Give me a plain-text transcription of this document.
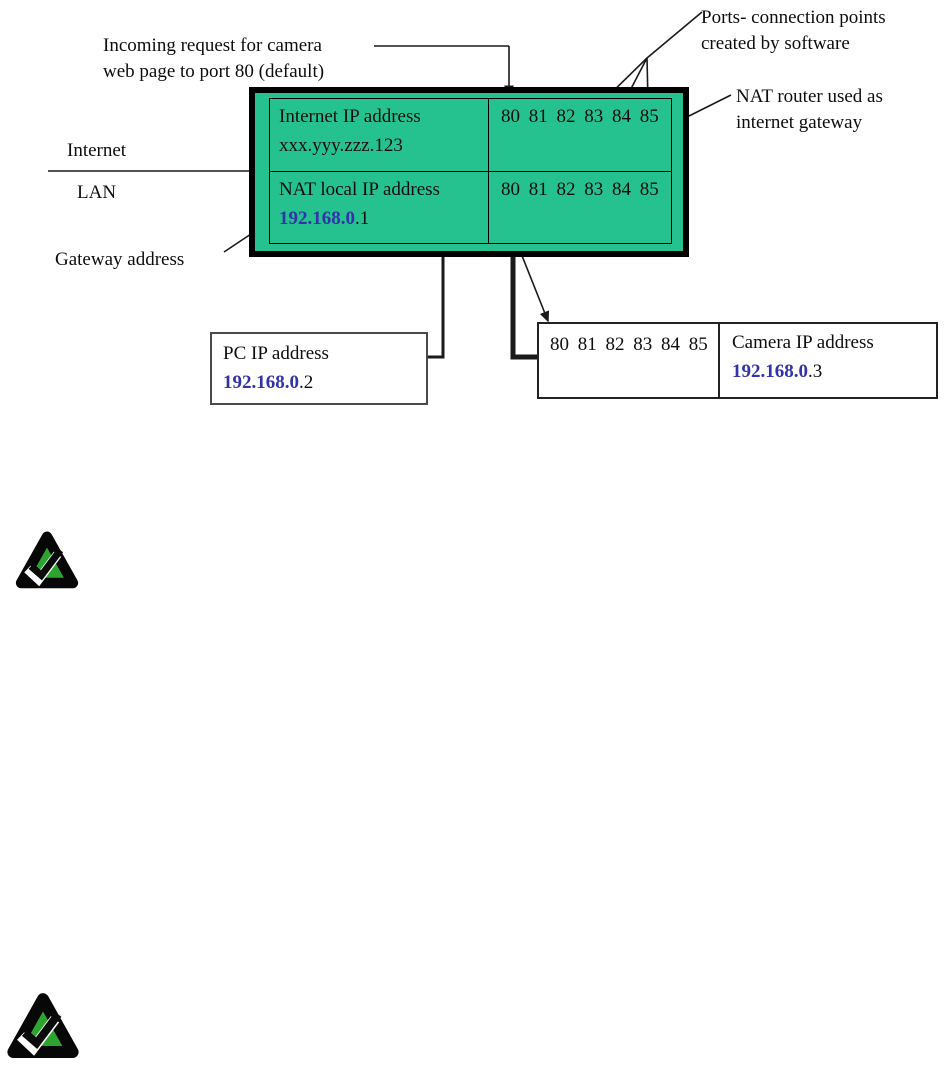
Incoming request for camera
web page to port 80 (default)
Ports- connection points
created by software
NAT router used as
internet gateway
Internet
LAN
Gateway address
Internet IP address
xxx.yyy.zzz.123
80 81 82 83 84 85
NAT local IP address
192.168.0.1
80 81 82 83 84 85
PC IP address
192.168.0.2
80 81 82 83 84 85	Camera IP address
192.168.0.3
